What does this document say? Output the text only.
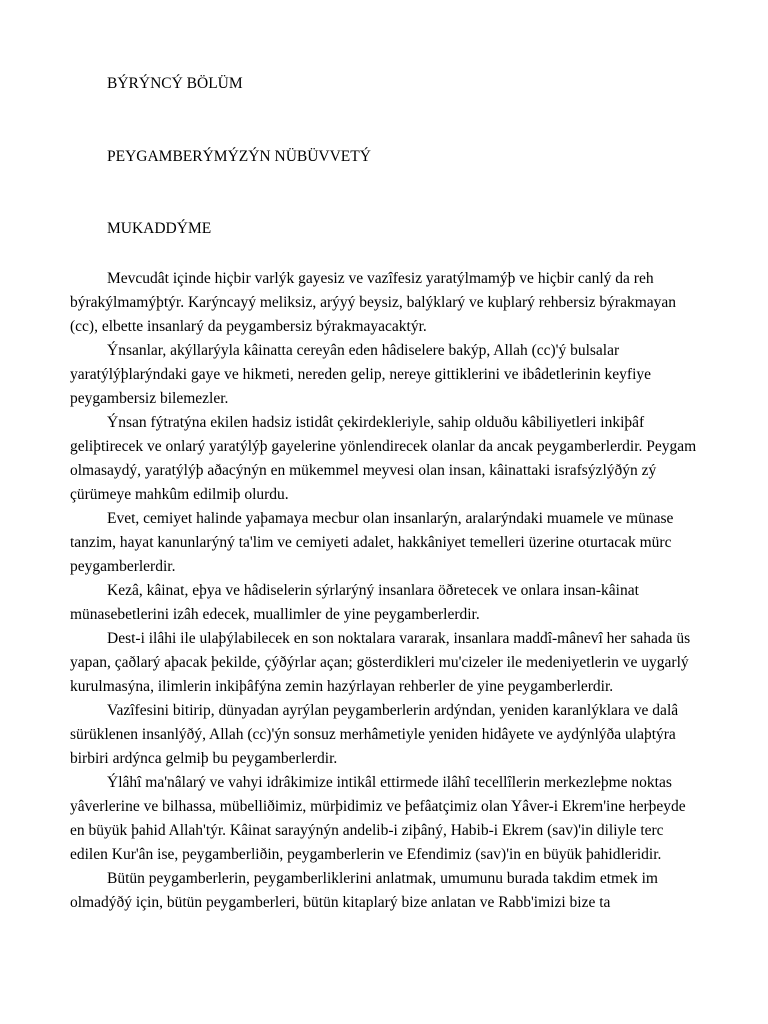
BÝRÝNCÝ BÖLÜM
PEYGAMBERÝMÝZÝN NÜBÜVVETÝ
MUKADDÝME
Mevcudât içinde hiçbir varlýk gayesiz ve vazîfesiz yaratýlmamýþ ve hiçbir canlý da reh
býrakýlmamýþtýr. Karýncayý meliksiz, arýyý beysiz, balýklarý ve kuþlarý rehbersiz býrakmayan
(cc), elbette insanlarý da peygambersiz býrakmayacaktýr.
Ýnsanlar, akýllarýyla kâinatta cereyân eden hâdiselere bakýp, Allah (cc)'ý bulsalar
yaratýlýþlarýndaki gaye ve hikmeti, nereden gelip, nereye gittiklerini ve ibâdetlerinin keyfiye
peygambersiz bilemezler.
Ýnsan fýtratýna ekilen hadsiz istidât çekirdekleriyle, sahip olduðu kâbiliyetleri inkiþâf
geliþtirecek ve onlarý yaratýlýþ gayelerine yönlendirecek olanlar da ancak peygamberlerdir. Peygam
olmasaydý, yaratýlýþ aðacýnýn en mükemmel meyvesi olan insan, kâinattaki israfsýzlýðýn zý
çürümeye mahkûm edilmiþ olurdu.
Evet, cemiyet halinde yaþamaya mecbur olan insanlarýn, aralarýndaki muamele ve münase
tanzim, hayat kanunlarýný ta'lim ve cemiyeti adalet, hakkâniyet temelleri üzerine oturtacak mürc
peygamberlerdir.
Kezâ, kâinat, eþya ve hâdiselerin sýrlarýný insanlara öðretecek ve onlara insan-kâinat
münasebetlerini izâh edecek, muallimler de yine peygamberlerdir.
Dest-i ilâhi ile ulaþýlabilecek en son noktalara vararak, insanlara maddî-mânevî her sahada üs
yapan, çaðlarý aþacak þekilde, çýðýrlar açan; gösterdikleri mu'cizeler ile medeniyetlerin ve uygarlý
kurulmasýna, ilimlerin inkiþâfýna zemin hazýrlayan rehberler de yine peygamberlerdir.
Vazîfesini bitirip, dünyadan ayrýlan peygamberlerin ardýndan, yeniden karanlýklara ve dalâ
sürüklenen insanlýðý, Allah (cc)'ýn sonsuz merhâmetiyle yeniden hidâyete ve aydýnlýða ulaþtýra
birbiri ardýnca gelmiþ bu peygamberlerdir.
Ýlâhî ma'nâlarý ve vahyi idrâkimize intikâl ettirmede ilâhî tecellîlerin merkezleþme noktas
yâverlerine ve bilhassa, mübelliðimiz, mürþidimiz ve þefâatçimiz olan Yâver-i Ekrem'ine herþeyde
en büyük þahid Allah'týr. Kâinat sarayýnýn andelib-i ziþâný, Habib-i Ekrem (sav)'in diliyle terc
edilen Kur'ân ise, peygamberliðin, peygamberlerin ve Efendimiz (sav)'in en büyük þahidleridir.
Bütün peygamberlerin, peygamberliklerini anlatmak, umumunu burada takdim etmek im
olmadýðý için, bütün peygamberleri, bütün kitaplarý bize anlatan ve Rabb'imizi bize ta
